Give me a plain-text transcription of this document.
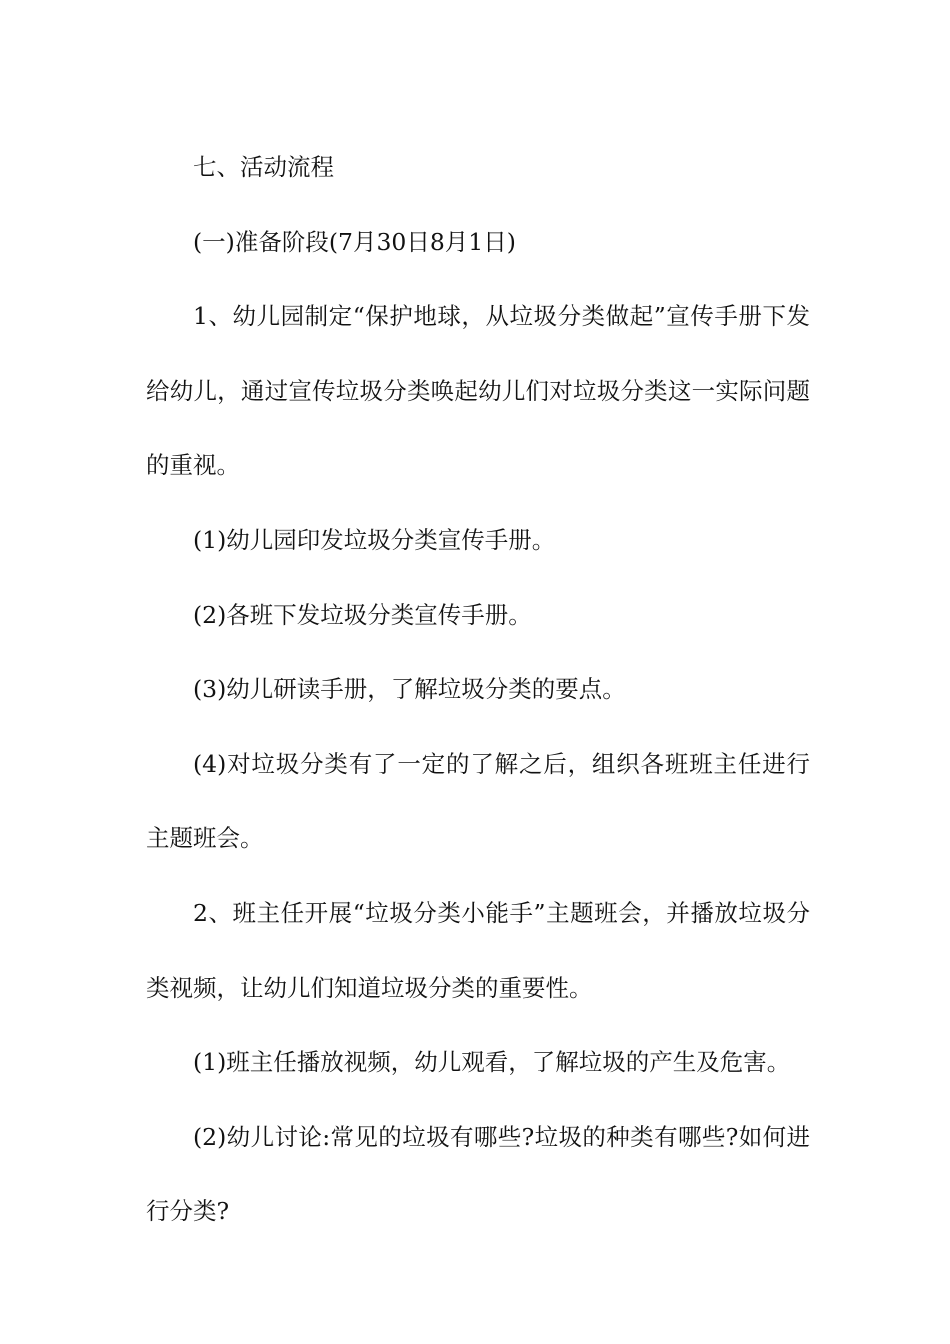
七、活动流程

(一)准备阶段(7月30日8月1日)

1、幼儿园制定“保护地球，从垃圾分类做起”宣传手册下发给幼儿，通过宣传垃圾分类唤起幼儿们对垃圾分类这一实际问题的重视。

(1)幼儿园印发垃圾分类宣传手册。

(2)各班下发垃圾分类宣传手册。

(3)幼儿研读手册，了解垃圾分类的要点。

(4)对垃圾分类有了一定的了解之后，组织各班班主任进行主题班会。

2、班主任开展“垃圾分类小能手”主题班会，并播放垃圾分类视频，让幼儿们知道垃圾分类的重要性。

(1)班主任播放视频，幼儿观看，了解垃圾的产生及危害。

(2)幼儿讨论:常见的垃圾有哪些?垃圾的种类有哪些?如何进行分类?
